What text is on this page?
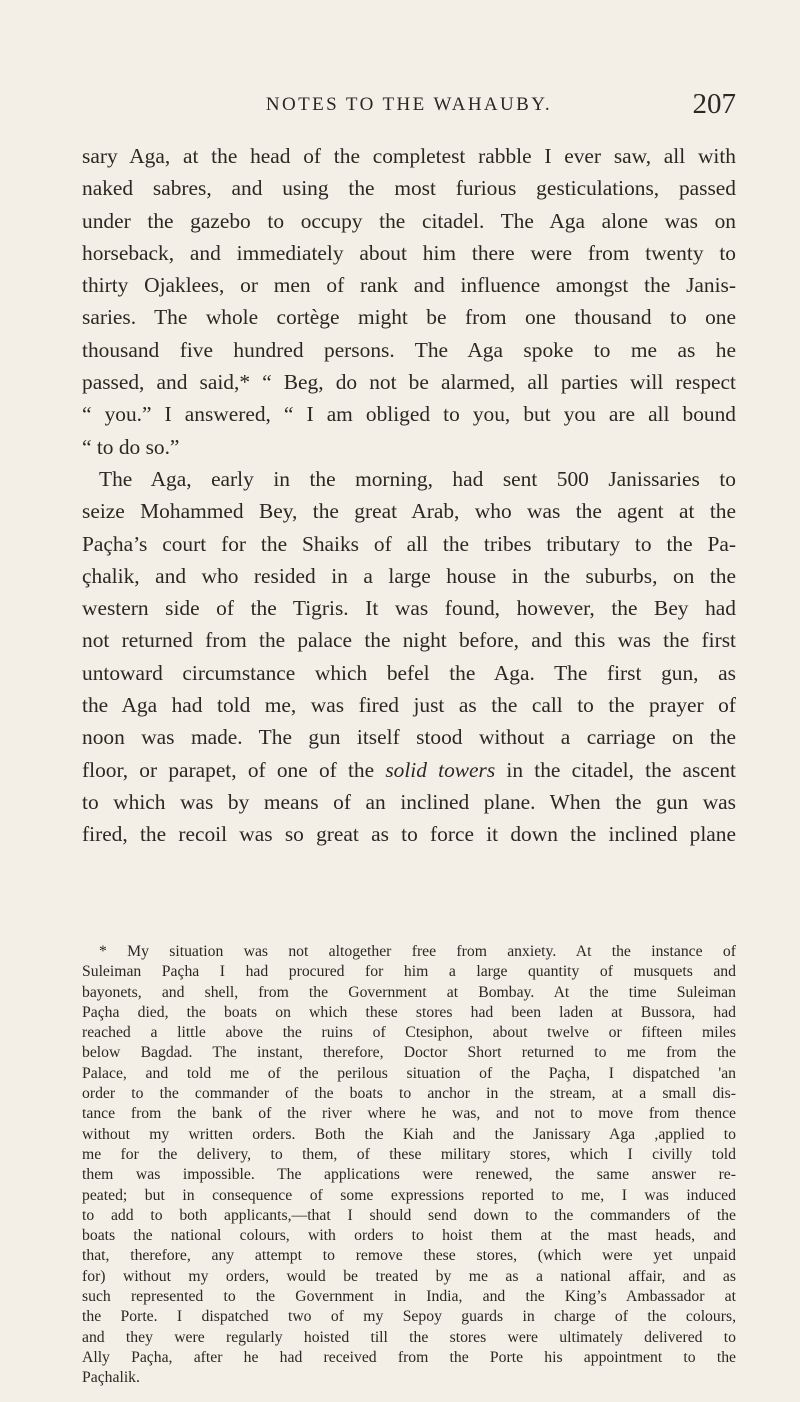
NOTES TO THE WAHAUBY.	207
sary Aga, at the head of the completest rabble I ever saw, all with
naked sabres, and using the most furious gesticulations, passed
under the gazebo to occupy the citadel. The Aga alone was on
horseback, and immediately about him there were from twenty to
thirty Ojaklees, or men of rank and influence amongst the Janis-
saries. The whole cortège might be from one thousand to one
thousand five hundred persons. The Aga spoke to me as he
passed, and said,* “ Beg, do not be alarmed, all parties will respect
“ you.” I answered, “ I am obliged to you, but you are all bound
“ to do so.”
The Aga, early in the morning, had sent 500 Janissaries to
seize Mohammed Bey, the great Arab, who was the agent at the
Paçha’s court for the Shaiks of all the tribes tributary to the Pa-
çhalik, and who resided in a large house in the suburbs, on the
western side of the Tigris. It was found, however, the Bey had
not returned from the palace the night before, and this was the first
untoward circumstance which befel the Aga. The first gun, as
the Aga had told me, was fired just as the call to the prayer of
noon was made. The gun itself stood without a carriage on the
floor, or parapet, of one of the solid towers in the citadel, the ascent
to which was by means of an inclined plane. When the gun was
fired, the recoil was so great as to force it down the inclined plane
* My situation was not altogether free from anxiety. At the instance of
Suleiman Paçha I had procured for him a large quantity of musquets and
bayonets, and shell, from the Government at Bombay. At the time Suleiman
Paçha died, the boats on which these stores had been laden at Bussora, had
reached a little above the ruins of Ctesiphon, about twelve or fifteen miles
below Bagdad. The instant, therefore, Doctor Short returned to me from the
Palace, and told me of the perilous situation of the Paçha, I dispatched 'an
order to the commander of the boats to anchor in the stream, at a small dis-
tance from the bank of the river where he was, and not to move from thence
without my written orders. Both the Kiah and the Janissary Aga ,applied to
me for the delivery, to them, of these military stores, which I civilly told
them was impossible. The applications were renewed, the same answer re-
peated; but in consequence of some expressions reported to me, I was induced
to add to both applicants,—that I should send down to the commanders of the
boats the national colours, with orders to hoist them at the mast heads, and
that, therefore, any attempt to remove these stores, (which were yet unpaid
for) without my orders, would be treated by me as a national affair, and as
such represented to the Government in India, and the King’s Ambassador at
the Porte. I dispatched two of my Sepoy guards in charge of the colours,
and they were regularly hoisted till the stores were ultimately delivered to
Ally Paçha, after he had received from the Porte his appointment to the
Paçhalik.
